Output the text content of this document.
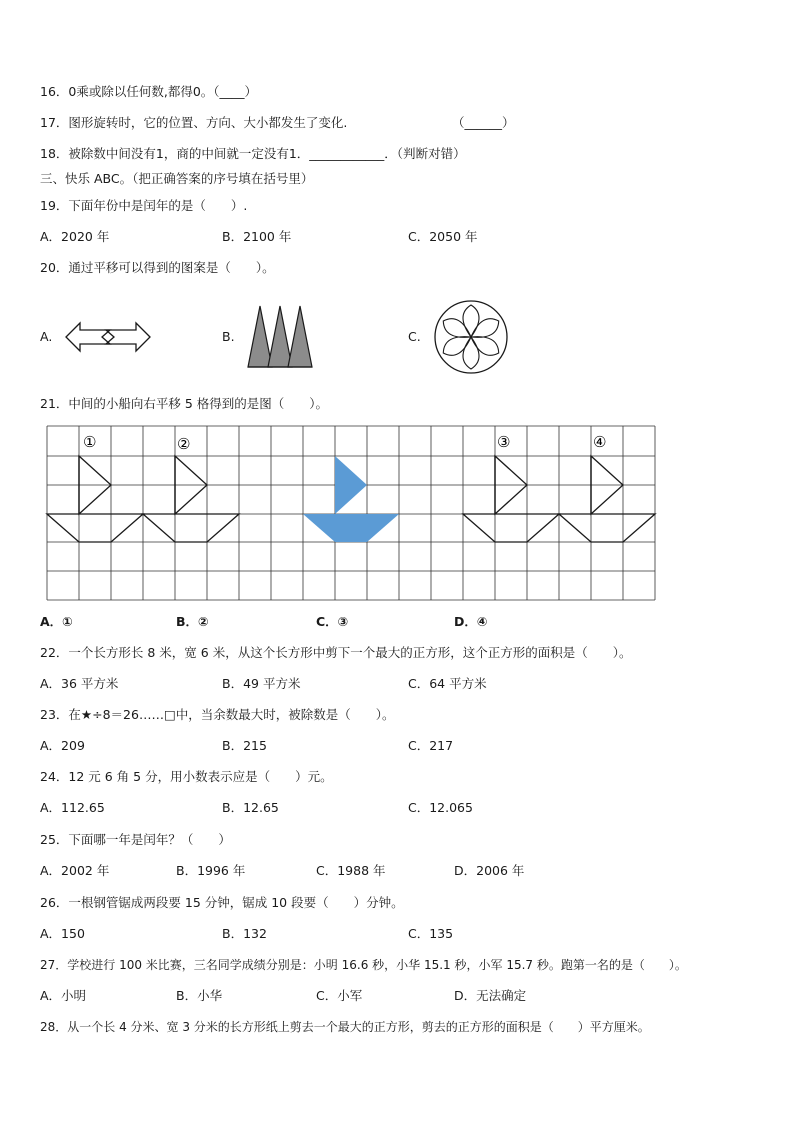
16．0乘或除以任何数,都得0。（____）
17．图形旋转时，它的位置、方向、大小都发生了变化.	（______）
18．被除数中间没有1，商的中间就一定没有1．____________．（判断对错）
三、快乐 ABC。（把正确答案的序号填在括号里）
19．下面年份中是闰年的是（　　）.
A．2020 年	B．2100 年	C．2050 年
20．通过平移可以得到的图案是（　　）。
A.	B.	C.
21．中间的小船向右平移 5 格得到的是图（　　）。
①	②	③	④
A．①	B．②	C．③	D．④
22．一个长方形长 8 米，宽 6 米，从这个长方形中剪下一个最大的正方形，这个正方形的面积是（　　）。
A．36 平方米	B．49 平方米	C．64 平方米
23．在★÷8＝26……□中，当余数最大时，被除数是（　　）。
A．209	B．215	C．217
24．12 元 6 角 5 分，用小数表示应是（　　）元。
A．112.65	B．12.65	C．12.065
25．下面哪一年是闰年？（　　）
A．2002 年	B．1996 年	C．1988 年	D．2006 年
26．一根钢管锯成两段要 15 分钟，锯成 10 段要（　　）分钟。
A．150	B．132	C．135
27．学校进行 100 米比赛，三名同学成绩分别是：小明 16.6 秒，小华 15.1 秒，小军 15.7 秒。跑第一名的是（　　）。
A．小明	B．小华	C．小军	D．无法确定
28．从一个长 4 分米、宽 3 分米的长方形纸上剪去一个最大的正方形，剪去的正方形的面积是（　　）平方厘米。
